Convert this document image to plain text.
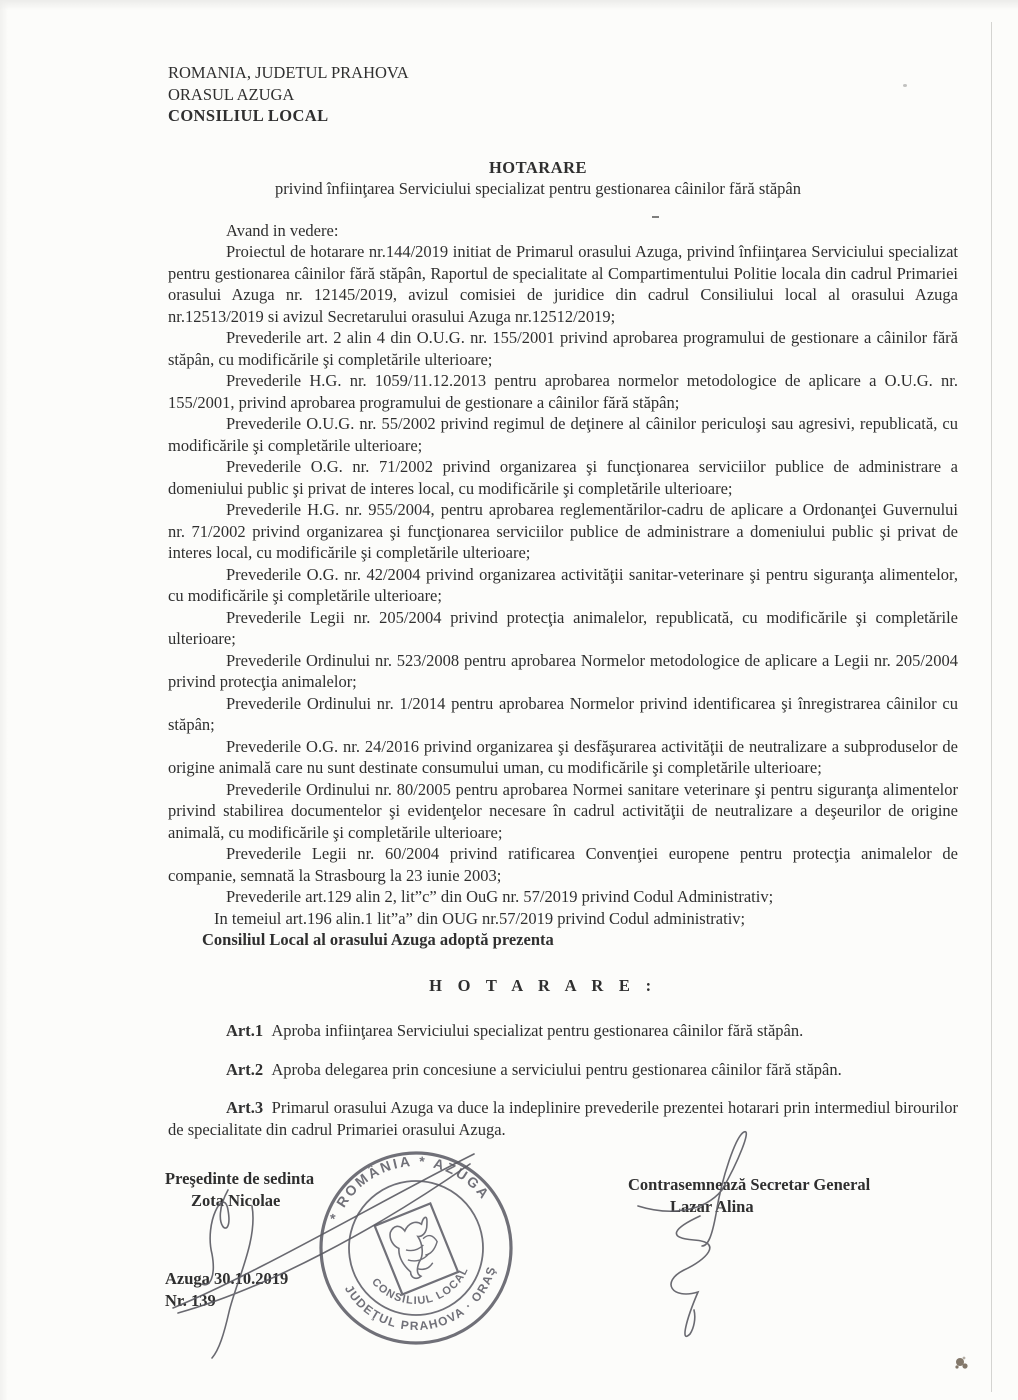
ROMANIA, JUDETUL PRAHOVA

ORASUL AZUGA

CONSILIUL LOCAL

HOTARARE

privind înfiinţarea Serviciului specializat pentru gestionarea câinilor fără stăpân

Avand in vedere:

Proiectul de hotarare nr.144/2019 initiat de Primarul orasului Azuga, privind înfiinţarea Serviciului specializat pentru gestionarea câinilor fără stăpân, Raportul de specialitate al Compartimentului Politie locala din cadrul Primariei orasului Azuga nr. 12145/2019, avizul comisiei de juridice din cadrul Consiliului local al orasului Azuga nr.12513/2019 si avizul Secretarului orasului Azuga nr.12512/2019;

Prevederile art. 2 alin 4 din O.U.G. nr. 155/2001 privind aprobarea programului de gestionare a câinilor fără stăpân, cu modificările şi completările ulterioare;

Prevederile H.G. nr. 1059/11.12.2013 pentru aprobarea normelor metodologice de aplicare a O.U.G. nr. 155/2001, privind aprobarea programului de gestionare a câinilor fără stăpân;

Prevederile O.U.G. nr. 55/2002 privind regimul de deţinere al câinilor periculoşi sau agresivi, republicată, cu modificările şi completările ulterioare;

Prevederile O.G. nr. 71/2002 privind organizarea şi funcţionarea serviciilor publice de administrare a domeniului public şi privat de interes local, cu modificările şi completările ulterioare;

Prevederile H.G. nr. 955/2004, pentru aprobarea reglementărilor-cadru de aplicare a Ordonanţei Guvernului nr. 71/2002 privind organizarea şi funcţionarea serviciilor publice de administrare a domeniului public şi privat de interes local, cu modificările şi completările ulterioare;

Prevederile O.G. nr. 42/2004 privind organizarea activităţii sanitar-veterinare şi pentru siguranţa alimentelor, cu modificările şi completările ulterioare;

Prevederile Legii nr. 205/2004 privind protecţia animalelor, republicată, cu modificările şi completările ulterioare;

Prevederile Ordinului nr. 523/2008 pentru aprobarea Normelor metodologice de aplicare a Legii nr. 205/2004 privind protecţia animalelor;

Prevederile Ordinului nr. 1/2014 pentru aprobarea Normelor privind identificarea şi înregistrarea câinilor cu stăpân;

Prevederile O.G. nr. 24/2016 privind organizarea şi desfăşurarea activităţii de neutralizare a subproduselor de origine animală care nu sunt destinate consumului uman, cu modificările şi completările ulterioare;

Prevederile Ordinului nr. 80/2005 pentru aprobarea Normei sanitare veterinare şi pentru siguranţa alimentelor privind stabilirea documentelor şi evidenţelor necesare în cadrul activităţii de neutralizare a deşeurilor de origine animală, cu modificările şi completările ulterioare;

Prevederile Legii nr. 60/2004 privind ratificarea Convenţiei europene pentru protecţia animalelor de companie, semnată la Strasbourg la 23 iunie 2003;

Prevederile art.129 alin 2, lit”c” din OuG nr. 57/2019 privind Codul Administrativ;

In temeiul art.196 alin.1 lit”a” din OUG nr.57/2019 privind Codul administrativ;

Consiliul Local al orasului Azuga adoptă prezenta

H O T A R A R E :

Art.1 Aproba infiinţarea Serviciului specializat pentru gestionarea câinilor fără stăpân.

Art.2 Aproba delegarea prin concesiune a serviciului pentru gestionarea câinilor fără stăpân.

Art.3 Primarul orasului Azuga va duce la indeplinire prevederile prezentei hotarari prin intermediul birourilor de specialitate din cadrul Primariei orasului Azuga.

Preşedinte de sedinta

Zota Nicolae

Contrasemnează Secretar General

Lazar Alina

Azuga 30.10.2019

Nr. 139

* ROMÂNIA * AZUGA
JUDEŢUL PRAHOVA · ORAŞ
CONSILIUL LOCAL
